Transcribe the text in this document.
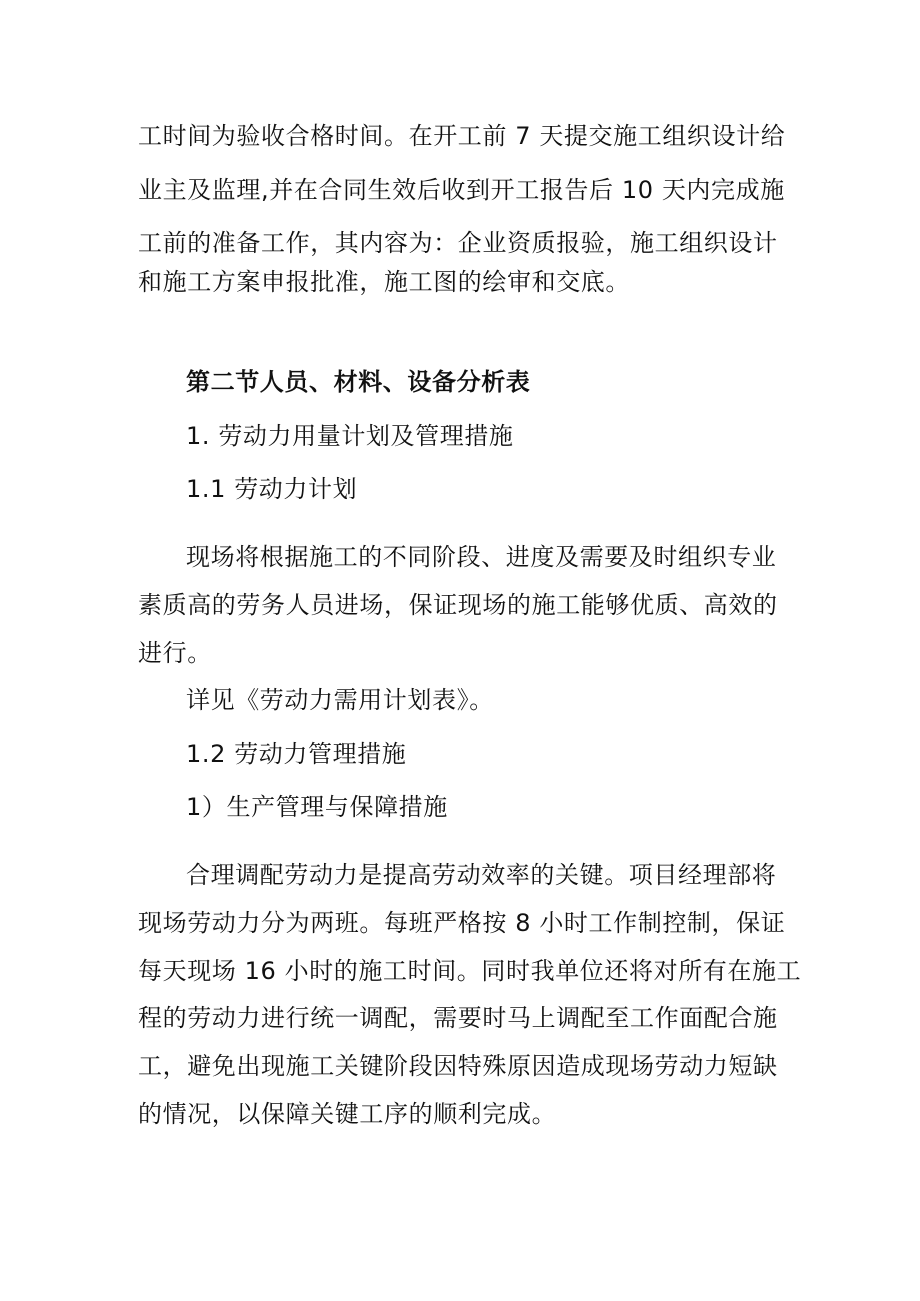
工时间为验收合格时间。在开工前 7 天提交施工组织设计给
业主及监理,并在合同生效后收到开工报告后 10 天内完成施
工前的准备工作，其内容为：企业资质报验，施工组织设计
和施工方案申报批准，施工图的绘审和交底。
第二节人员、材料、设备分析表
1. 劳动力用量计划及管理措施
1.1 劳动力计划
现场将根据施工的不同阶段、进度及需要及时组织专业
素质高的劳务人员进场，保证现场的施工能够优质、高效的
进行。
详见《劳动力需用计划表》。
1.2 劳动力管理措施
1）生产管理与保障措施
合理调配劳动力是提高劳动效率的关键。项目经理部将
现场劳动力分为两班。每班严格按 8 小时工作制控制，保证
每天现场 16 小时的施工时间。同时我单位还将对所有在施工
程的劳动力进行统一调配，需要时马上调配至工作面配合施
工，避免出现施工关键阶段因特殊原因造成现场劳动力短缺
的情况，以保障关键工序的顺利完成。
